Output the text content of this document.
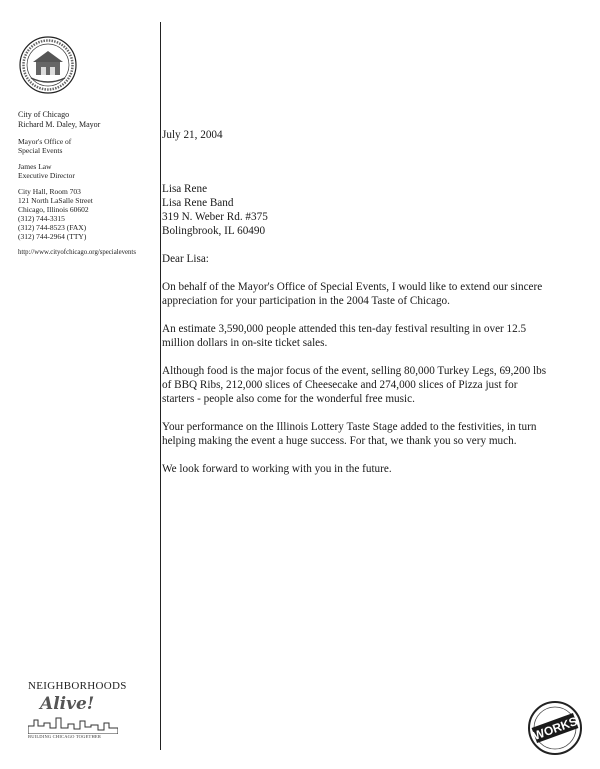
City of Chicago
Richard M. Daley, Mayor
Mayor's Office of
Special Events
James Law
Executive Director
City Hall, Room 703
121 North LaSalle Street
Chicago, Illinois 60602
(312) 744-3315
(312) 744-8523 (FAX)
(312) 744-2964 (TTY)
http://www.cityofchicago.org/specialevents

July 21, 2004

Lisa Rene

Lisa Rene Band

319 N. Weber Rd. #375

Bolingbrook, IL 60490

Dear Lisa:

On behalf of the Mayor's Office of Special Events, I would like to extend our sincere appreciation for your participation in the 2004 Taste of Chicago.

An estimate 3,590,000 people attended this ten-day festival resulting in over 12.5 million dollars in on-site ticket sales.

Although food is the major focus of the event, selling 80,000 Turkey Legs, 69,200 lbs of BBQ Ribs, 212,000 slices of Cheesecake and 274,000 slices of Pizza just for starters - people also come for the wonderful free music.

Your performance on the Illinois Lottery Taste Stage added to the festivities, in turn helping making the event a huge success. For that, we thank you so very much.

We look forward to working with you in the future.

NEIGHBORHOODS
Alive!
BUILDING CHICAGO TOGETHER	WORKS
